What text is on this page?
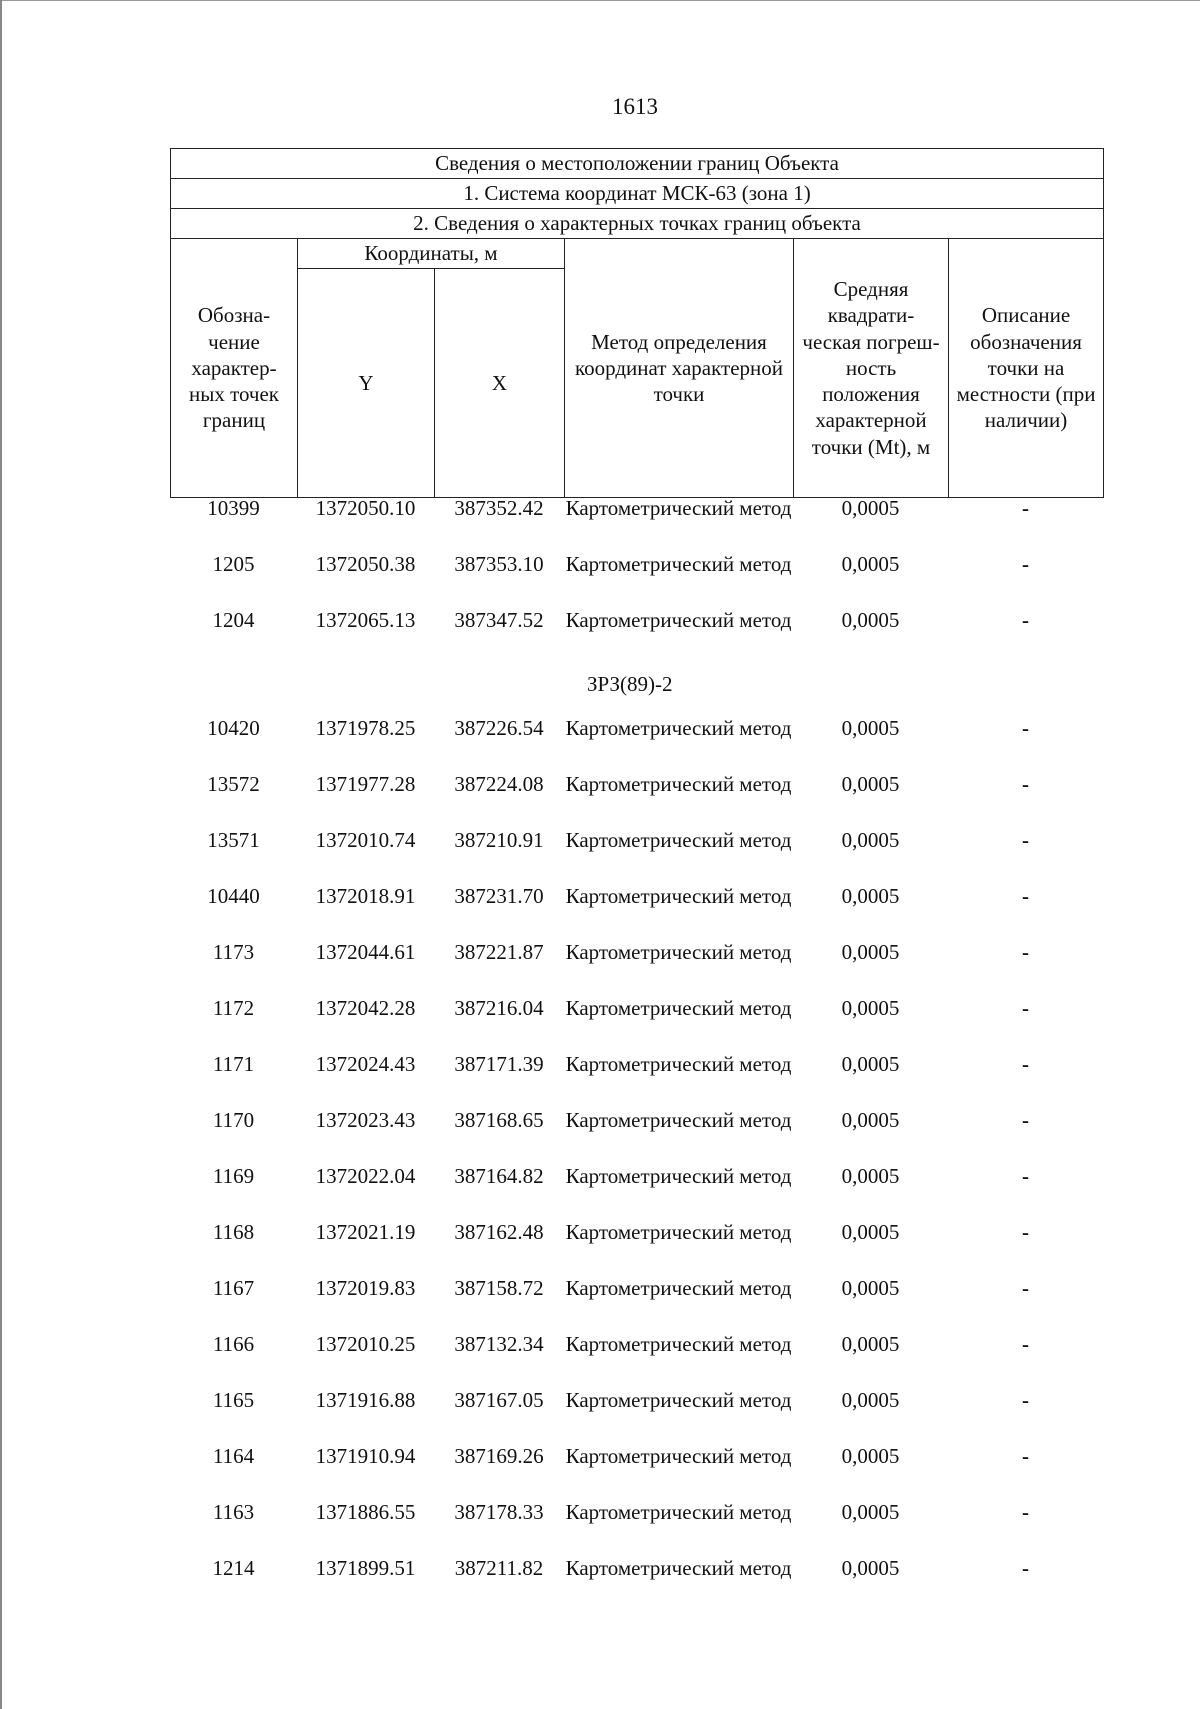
1613
Сведения о местоположении границ Объекта					
1. Система координат МСК-63 (зона 1)					
2. Сведения о характерных точках границ объекта					
Обозна- чение характер- ных точек границ	Координаты, м		Метод определения координат характерной точки	Средняя квадрати- ческая погреш- ность положения характерной точки (Mt), м	Описание обозначения точки на местности (при наличии)
	Y	X			
10399	1372050.10	387352.42	Картометрический метод	0,0005	-
1205	1372050.38	387353.10	Картометрический метод	0,0005	-
1204	1372065.13	387347.52	Картометрический метод	0,0005	-
ЗРЗ(89)-2
10420	1371978.25	387226.54	Картометрический метод	0,0005	-
13572	1371977.28	387224.08	Картометрический метод	0,0005	-
13571	1372010.74	387210.91	Картометрический метод	0,0005	-
10440	1372018.91	387231.70	Картометрический метод	0,0005	-
1173	1372044.61	387221.87	Картометрический метод	0,0005	-
1172	1372042.28	387216.04	Картометрический метод	0,0005	-
1171	1372024.43	387171.39	Картометрический метод	0,0005	-
1170	1372023.43	387168.65	Картометрический метод	0,0005	-
1169	1372022.04	387164.82	Картометрический метод	0,0005	-
1168	1372021.19	387162.48	Картометрический метод	0,0005	-
1167	1372019.83	387158.72	Картометрический метод	0,0005	-
1166	1372010.25	387132.34	Картометрический метод	0,0005	-
1165	1371916.88	387167.05	Картометрический метод	0,0005	-
1164	1371910.94	387169.26	Картометрический метод	0,0005	-
1163	1371886.55	387178.33	Картометрический метод	0,0005	-
1214	1371899.51	387211.82	Картометрический метод	0,0005	-
